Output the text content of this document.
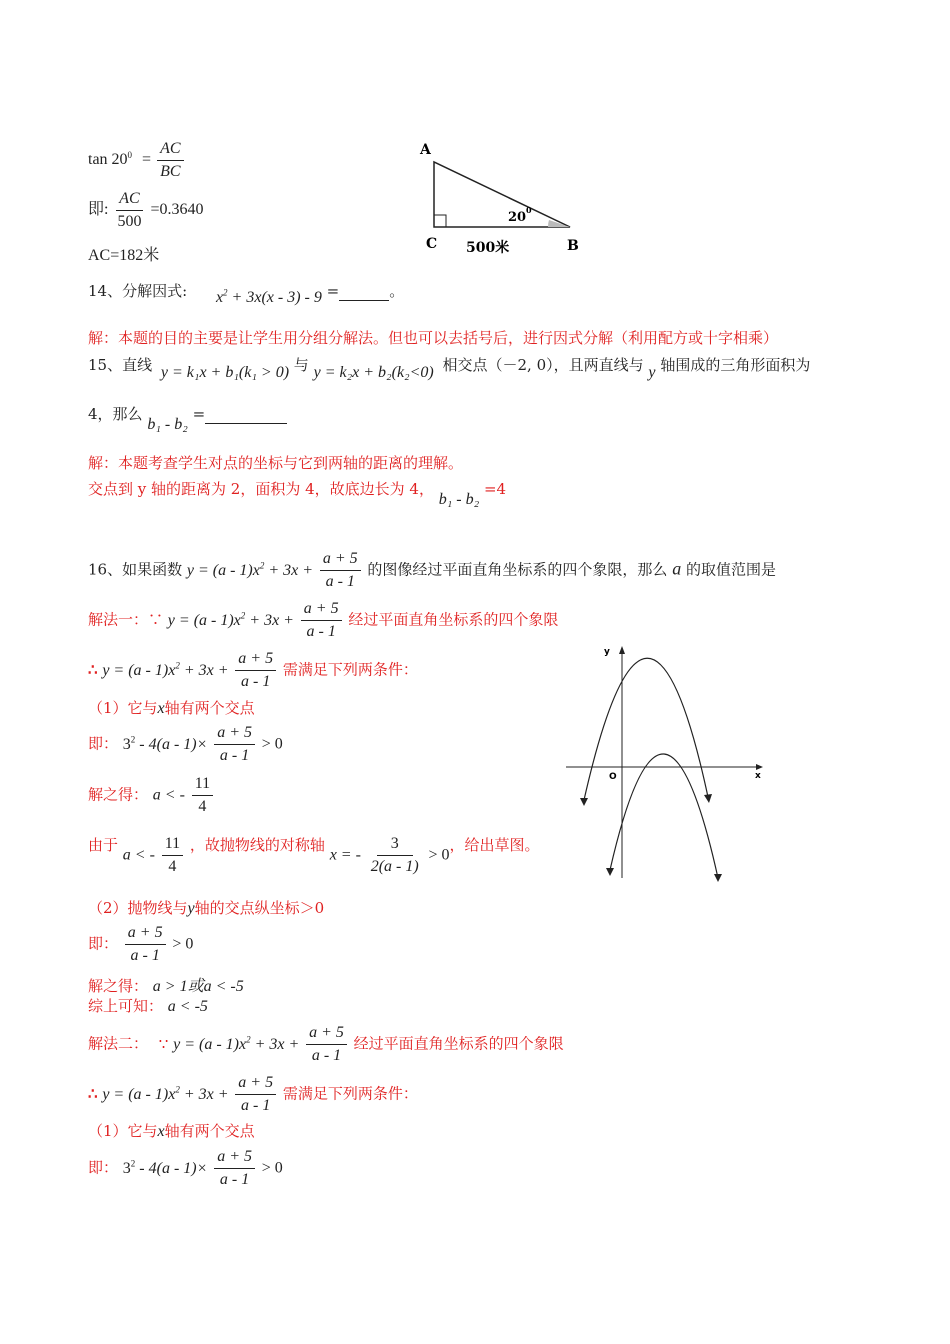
$\tan 20^0 = \frac{AC}{BC}$
即: $\frac{AC}{500} =0.3640$
AC=182米
A
B
C
20 0
500米
14、分解因式: $x^2 + 3x(x - 3) - 9$ =	。
解：本题的目的主要是让学生用分组分解法。但也可以去括号后，进行因式分解（利用配方或十字相乘）
15、直线 y = k₁x + b₁(k₁ > 0) 与 y = k₂x + b₂(k₂<0) 相交点（－2, 0），且两直线与 y 轴围成的三角形面积为
4，那么 b₁ - b₂ =
解：本题考查学生对点的坐标与它到两轴的距离的理解。
交点到 y 轴的距离为 2，面积为 4，故底边长为 4， b₁ - b₂ =4
16、如果函数 $y = (a - 1)x^2 + 3x + \frac{a + 5}{a - 1}$ 的图像经过平面直角坐标系的四个象限，那么 a 的取值范围是
解法一：∵ $y = (a - 1)x^2 + 3x + \frac{a + 5}{a - 1}$ 经过平面直角坐标系的四个象限
∴ $y = (a - 1)x^2 + 3x + \frac{a + 5}{a - 1}$ 需满足下列两条件：
（1）它与x轴有两个交点
即： $3^2 - 4(a - 1)\times \frac{a + 5}{a - 1} > 0$
解之得： a < - $\frac{11}{4}$
由于 a < - $\frac{11}{4}$ ，故抛物线的对称轴 x = - $\frac{3}{2(a - 1)} > 0$，给出草图。
（2）抛物线与y轴的交点纵坐标＞0
即： $\frac{a + 5}{a - 1} > 0$
解之得： a > 1或a < -5
综上可知： a < -5
解法二： ∵ $y = (a - 1)x^2 + 3x + \frac{a + 5}{a - 1}$ 经过平面直角坐标系的四个象限
∴ $y = (a - 1)x^2 + 3x + \frac{a + 5}{a - 1}$ 需满足下列两条件：
（1）它与x轴有两个交点
即： $3^2 - 4(a - 1)\times \frac{a + 5}{a - 1} > 0$
y
x
O
